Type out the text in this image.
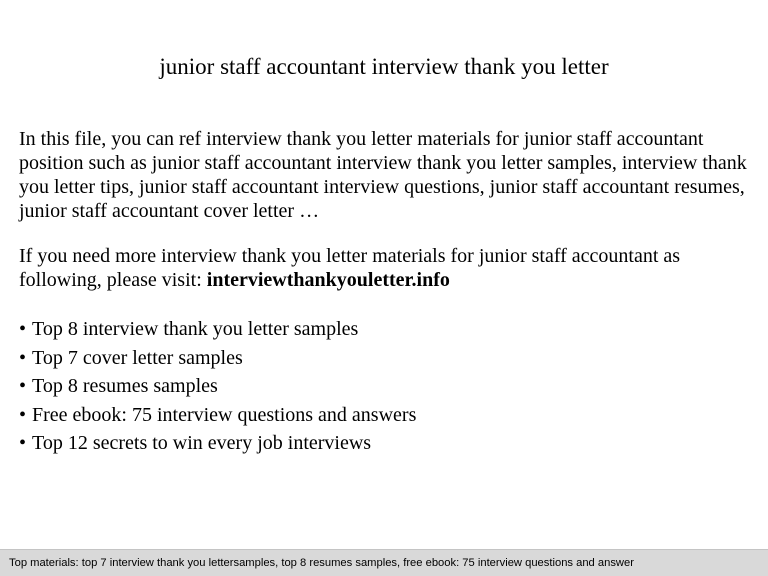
junior staff accountant interview thank you letter

In this file, you can ref interview thank you letter materials for junior staff accountant position such as junior staff accountant interview thank you letter samples, interview thank you letter tips, junior staff accountant interview questions, junior staff accountant resumes, junior staff accountant cover letter …

If you need more interview thank you letter materials for junior staff accountant as following, please visit: interviewthankyouletter.info

• Top 8 interview thank you letter samples
• Top 7 cover letter samples
• Top 8 resumes samples
• Free ebook: 75 interview questions and answers
• Top 12 secrets to win every job interviews
Top materials: top 7 interview thank you lettersamples, top 8 resumes samples, free ebook: 75 interview questions and answer
